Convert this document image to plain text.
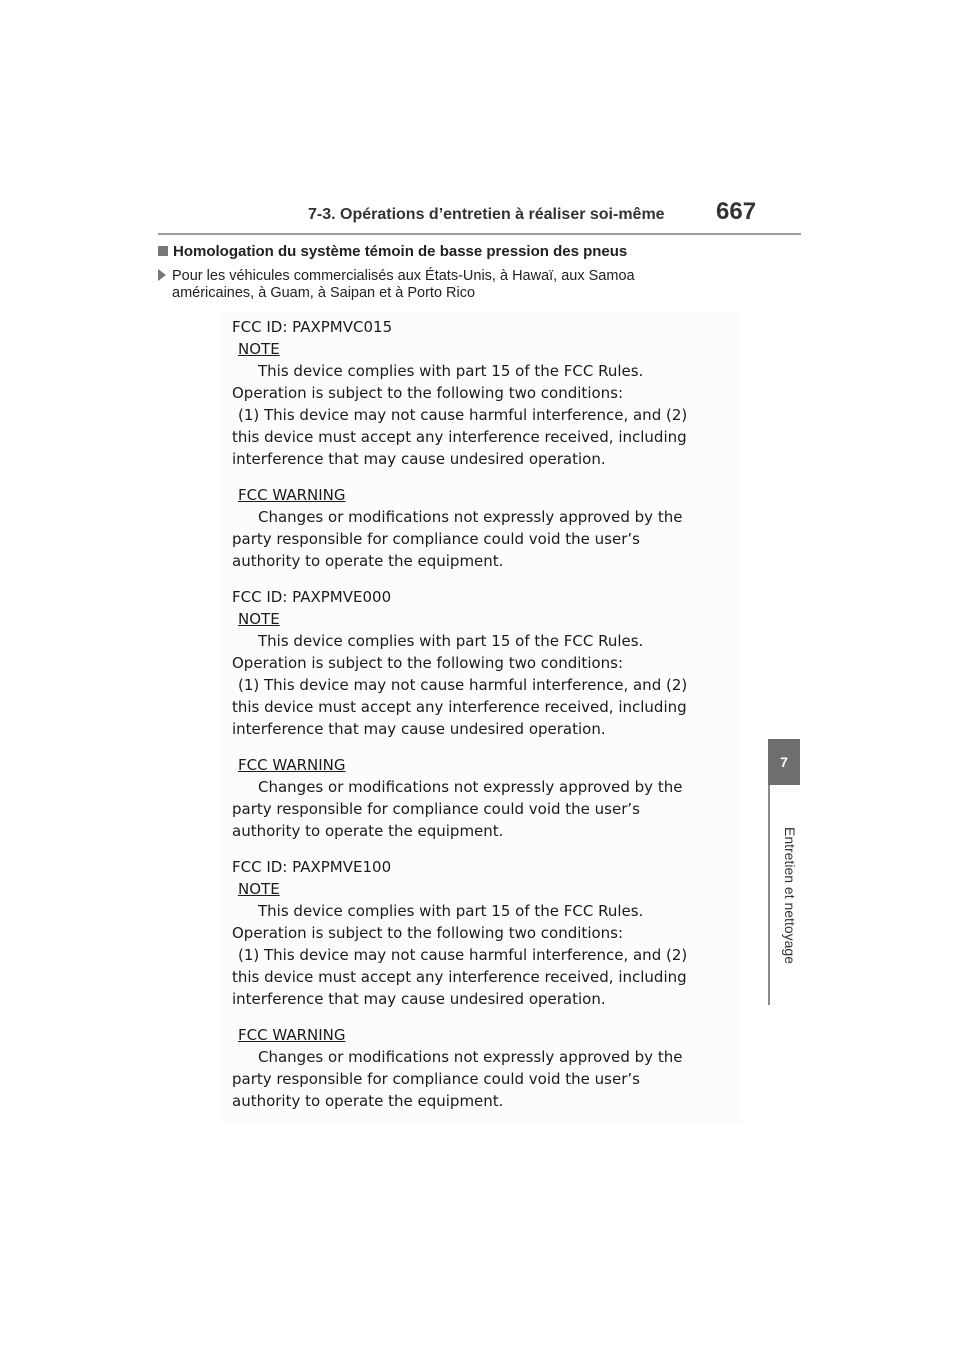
7-3. Opérations d’entretien à réaliser soi-même 667
Homologation du système témoin de basse pression des pneus
Pour les véhicules commercialisés aux États-Unis, à Hawaï, aux Samoa
américaines, à Guam, à Saipan et à Porto Rico
FCC ID: PAXPMVC015
NOTE
This device complies with part 15 of the FCC Rules.
Operation is subject to the following two conditions:
(1) This device may not cause harmful interference, and (2)
this device must accept any interference received, including
interference that may cause undesired operation.
FCC WARNING
Changes or modifications not expressly approved by the
party responsible for compliance could void the user’s
authority to operate the equipment.
FCC ID: PAXPMVE000
NOTE
This device complies with part 15 of the FCC Rules.
Operation is subject to the following two conditions:
(1) This device may not cause harmful interference, and (2)
this device must accept any interference received, including
interference that may cause undesired operation.
FCC WARNING
Changes or modifications not expressly approved by the
party responsible for compliance could void the user’s
authority to operate the equipment.
FCC ID: PAXPMVE100
NOTE
This device complies with part 15 of the FCC Rules.
Operation is subject to the following two conditions:
(1) This device may not cause harmful interference, and (2)
this device must accept any interference received, including
interference that may cause undesired operation.
FCC WARNING
Changes or modifications not expressly approved by the
party responsible for compliance could void the user’s
authority to operate the equipment.
7
Entretien et nettoyage
